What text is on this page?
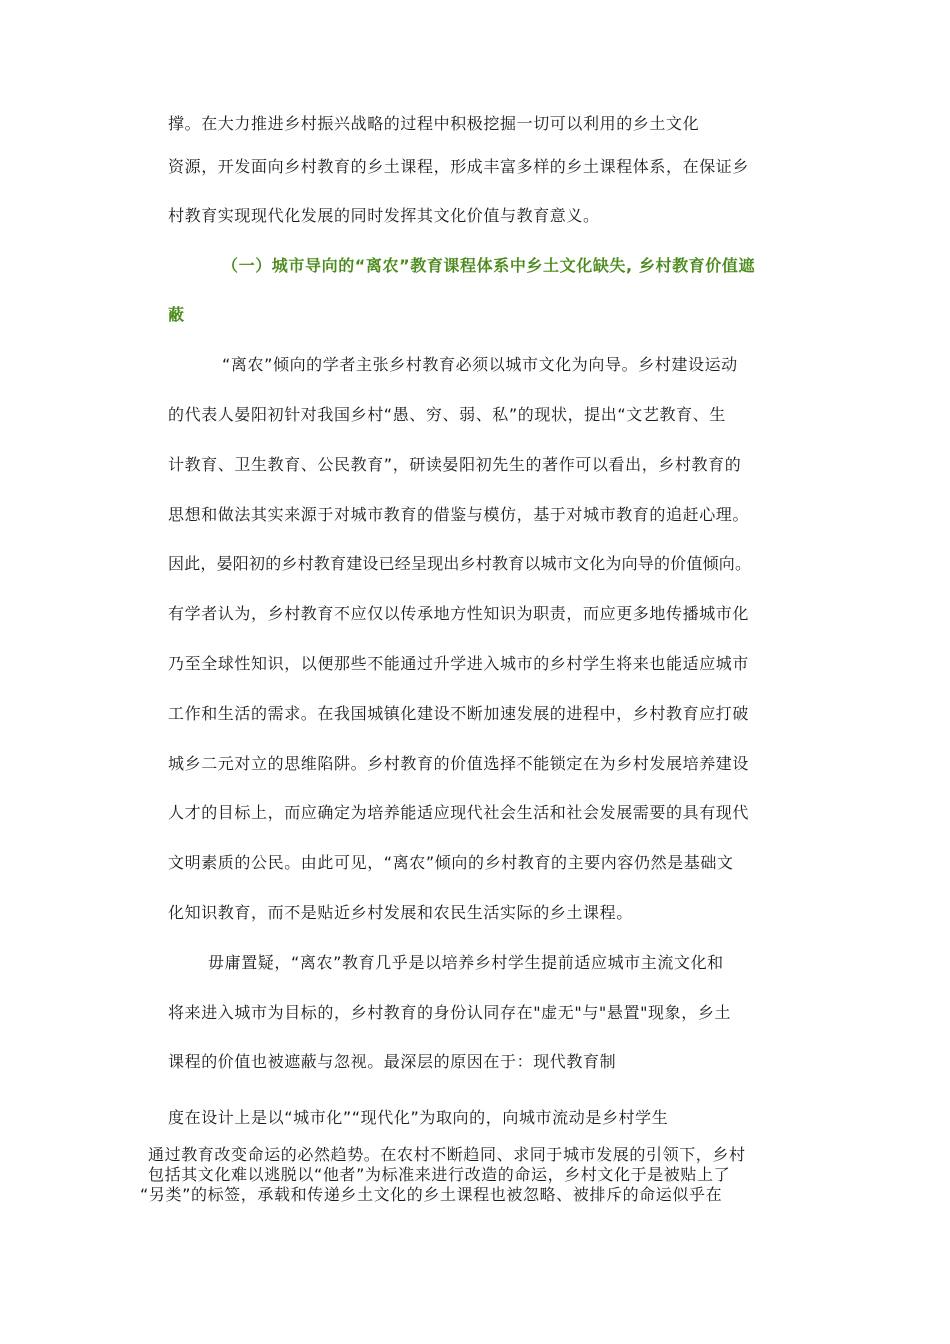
撑。在大力推进乡村振兴战略的过程中积极挖掘一切可以利用的乡土文化
资源，开发面向乡村教育的乡土课程，形成丰富多样的乡土课程体系，在保证乡
村教育实现现代化发展的同时发挥其文化价值与教育意义。
（一）城市导向的“离农”教育课程体系中乡土文化缺失, 乡村教育价值遮
蔽
“离农”倾向的学者主张乡村教育必须以城市文化为向导。乡村建设运动
的代表人晏阳初针对我国乡村“愚、穷、弱、私”的现状，提出“文艺教育、生
计教育、卫生教育、公民教育”，研读晏阳初先生的著作可以看出，乡村教育的
思想和做法其实来源于对城市教育的借鉴与模仿，基于对城市教育的追赶心理。
因此，晏阳初的乡村教育建设已经呈现出乡村教育以城市文化为向导的价值倾向。
有学者认为，乡村教育不应仅以传承地方性知识为职责，而应更多地传播城市化
乃至全球性知识，以便那些不能通过升学进入城市的乡村学生将来也能适应城市
工作和生活的需求。在我国城镇化建设不断加速发展的进程中，乡村教育应打破
城乡二元对立的思维陷阱。乡村教育的价值选择不能锁定在为乡村发展培养建设
人才的目标上，而应确定为培养能适应现代社会生活和社会发展需要的具有现代
文明素质的公民。由此可见，“离农”倾向的乡村教育的主要内容仍然是基础文
化知识教育，而不是贴近乡村发展和农民生活实际的乡土课程。
毋庸置疑，“离农”教育几乎是以培养乡村学生提前适应城市主流文化和
将来进入城市为目标的，乡村教育的身份认同存在"虚无"与"悬置"现象，乡土
课程的价值也被遮蔽与忽视。最深层的原因在于：现代教育制
度在设计上是以“城市化”“现代化”为取向的，向城市流动是乡村学生
通过教育改变命运的必然趋势。在农村不断趋同、求同于城市发展的引领下，乡村
包括其文化难以逃脱以“他者”为标准来进行改造的命运，乡村文化于是被贴上了
“另类”的标签，承载和传递乡土文化的乡土课程也被忽略、被排斥的命运似乎在
